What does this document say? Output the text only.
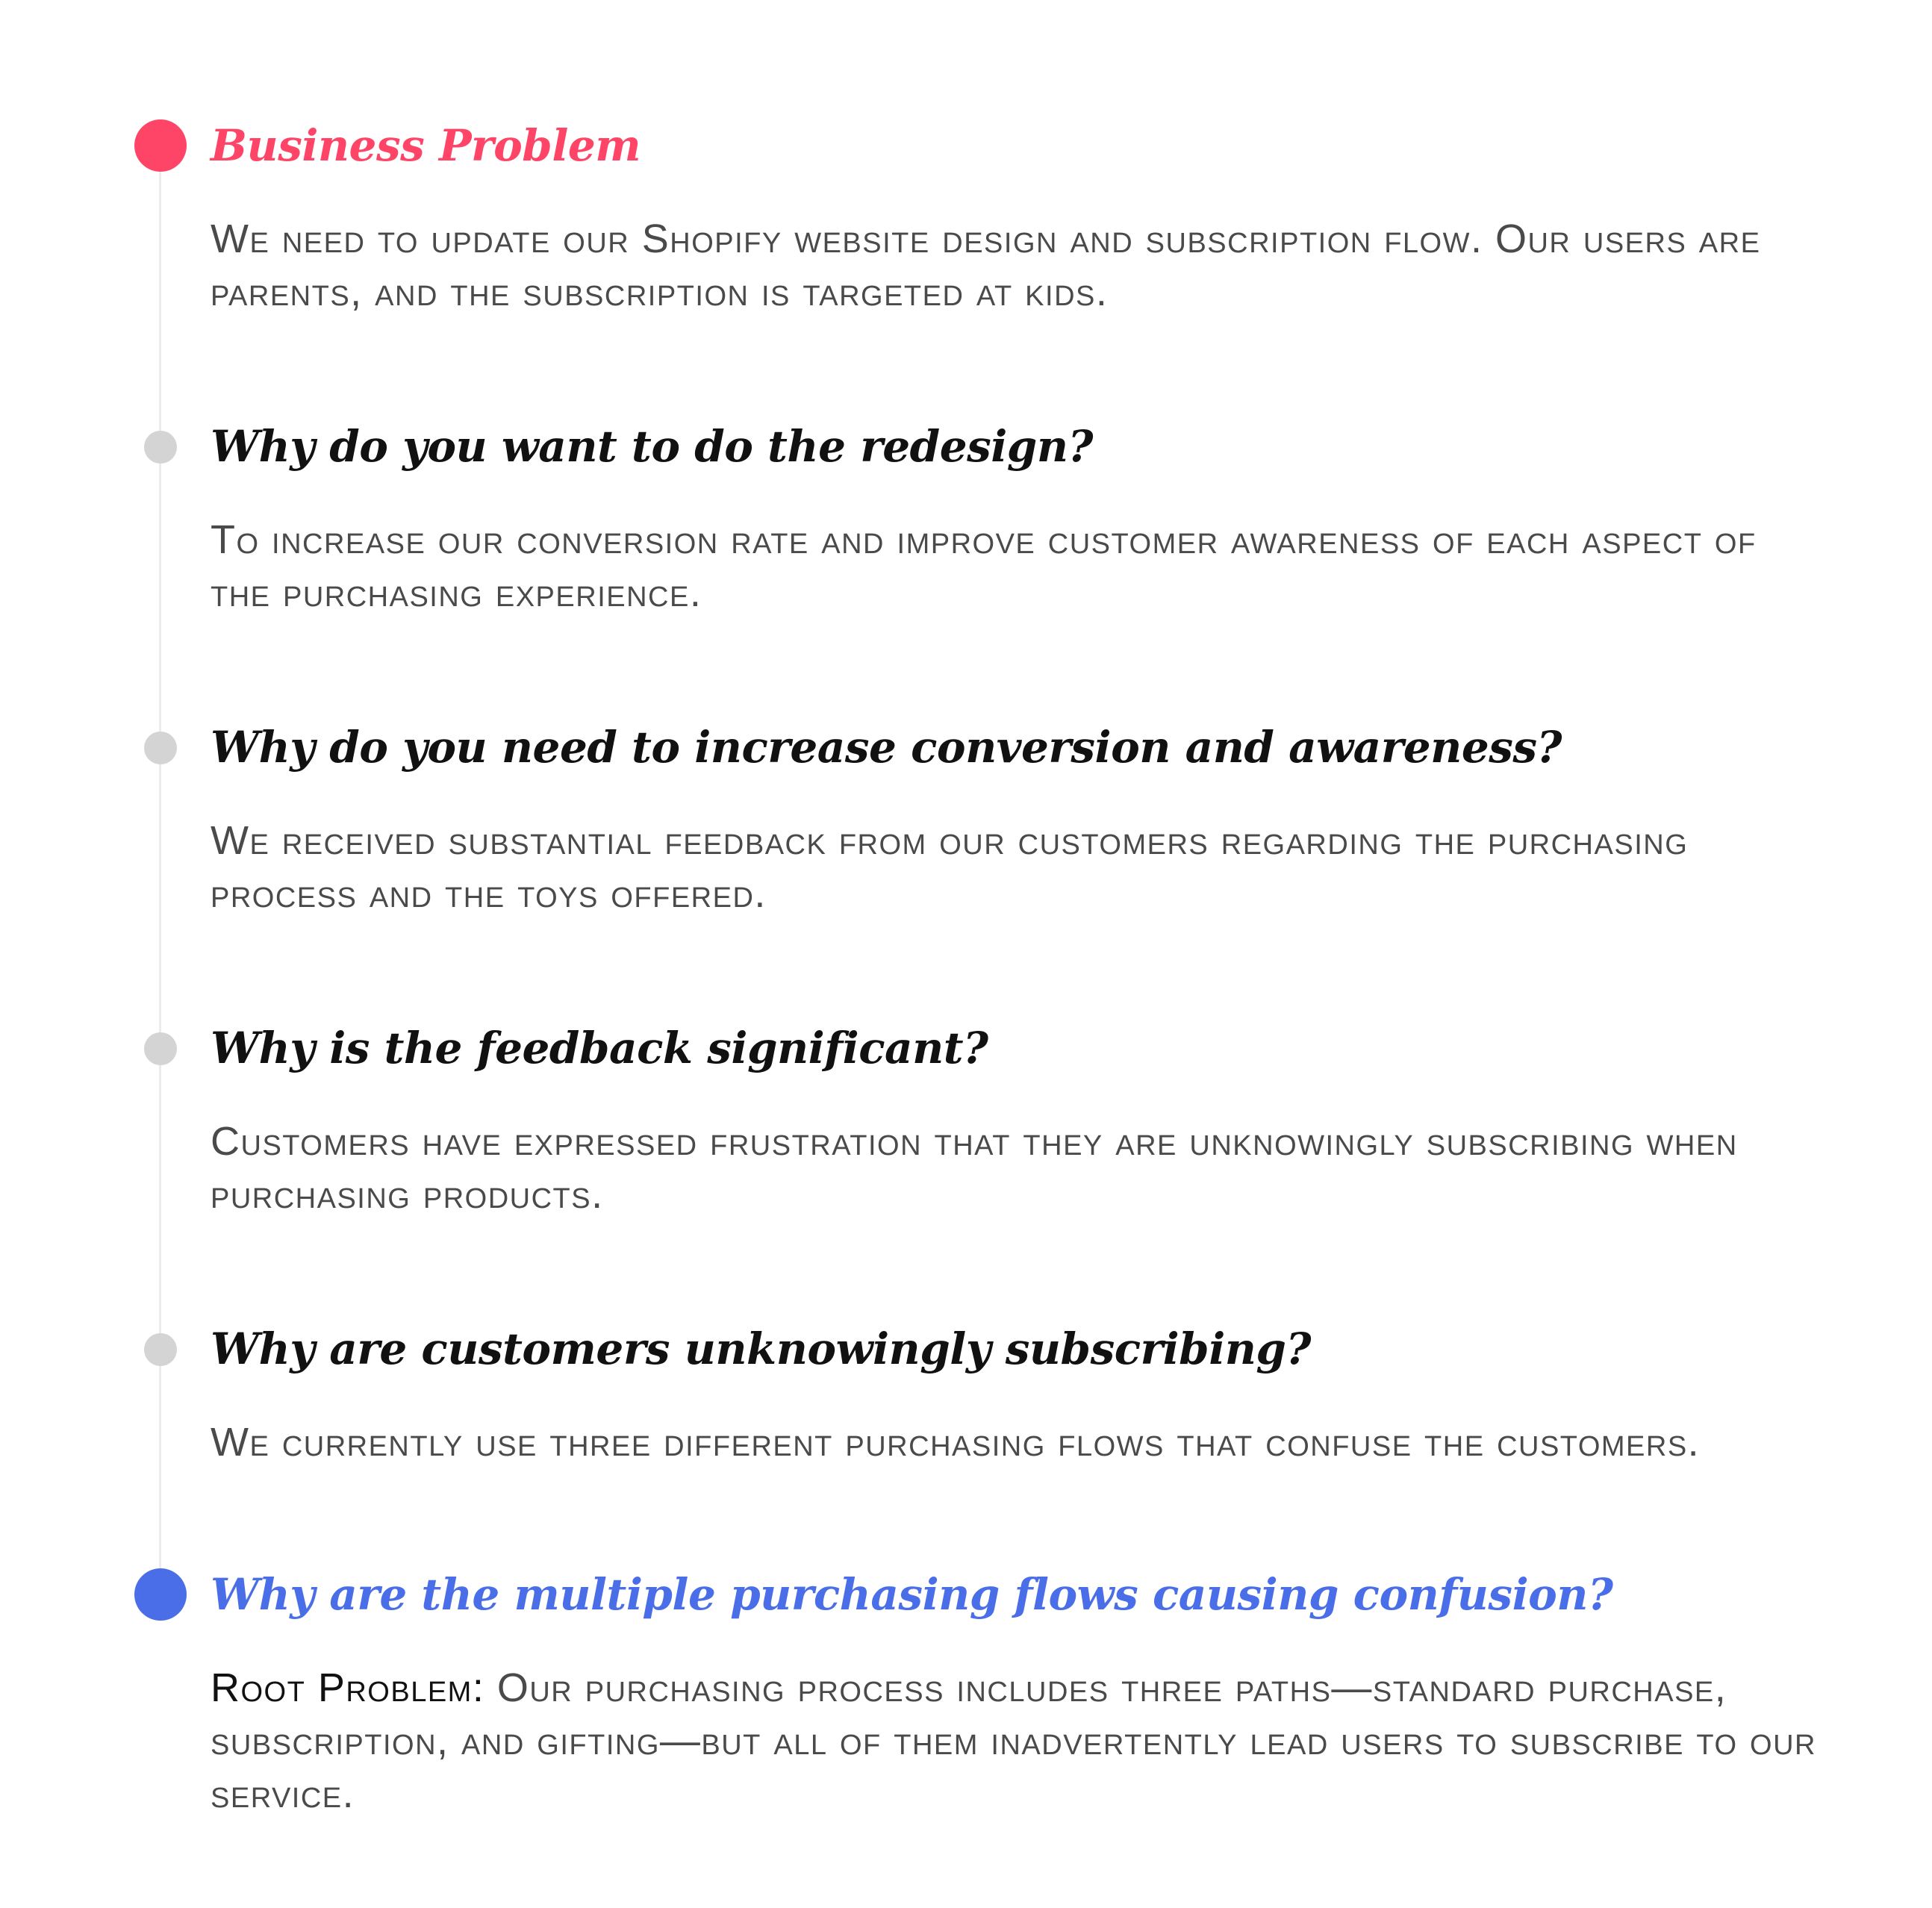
Business Problem

We need to update our Shopify website design and subscription flow. Our users are parents, and the subscription is targeted at kids.

Why do you want to do the redesign?

To increase our conversion rate and improve customer awareness of each aspect of the purchasing experience.

Why do you need to increase conversion and awareness?

We received substantial feedback from our customers regarding the purchasing process and the toys offered.

Why is the feedback significant?

Customers have expressed frustration that they are unknowingly subscribing when purchasing products.

Why are customers unknowingly subscribing?

We currently use three different purchasing flows that confuse the customers.

Why are the multiple purchasing flows causing confusion?

Root Problem: Our purchasing process includes three paths—standard purchase, subscription, and gifting—but all of them inadvertently lead users to subscribe to our service.
